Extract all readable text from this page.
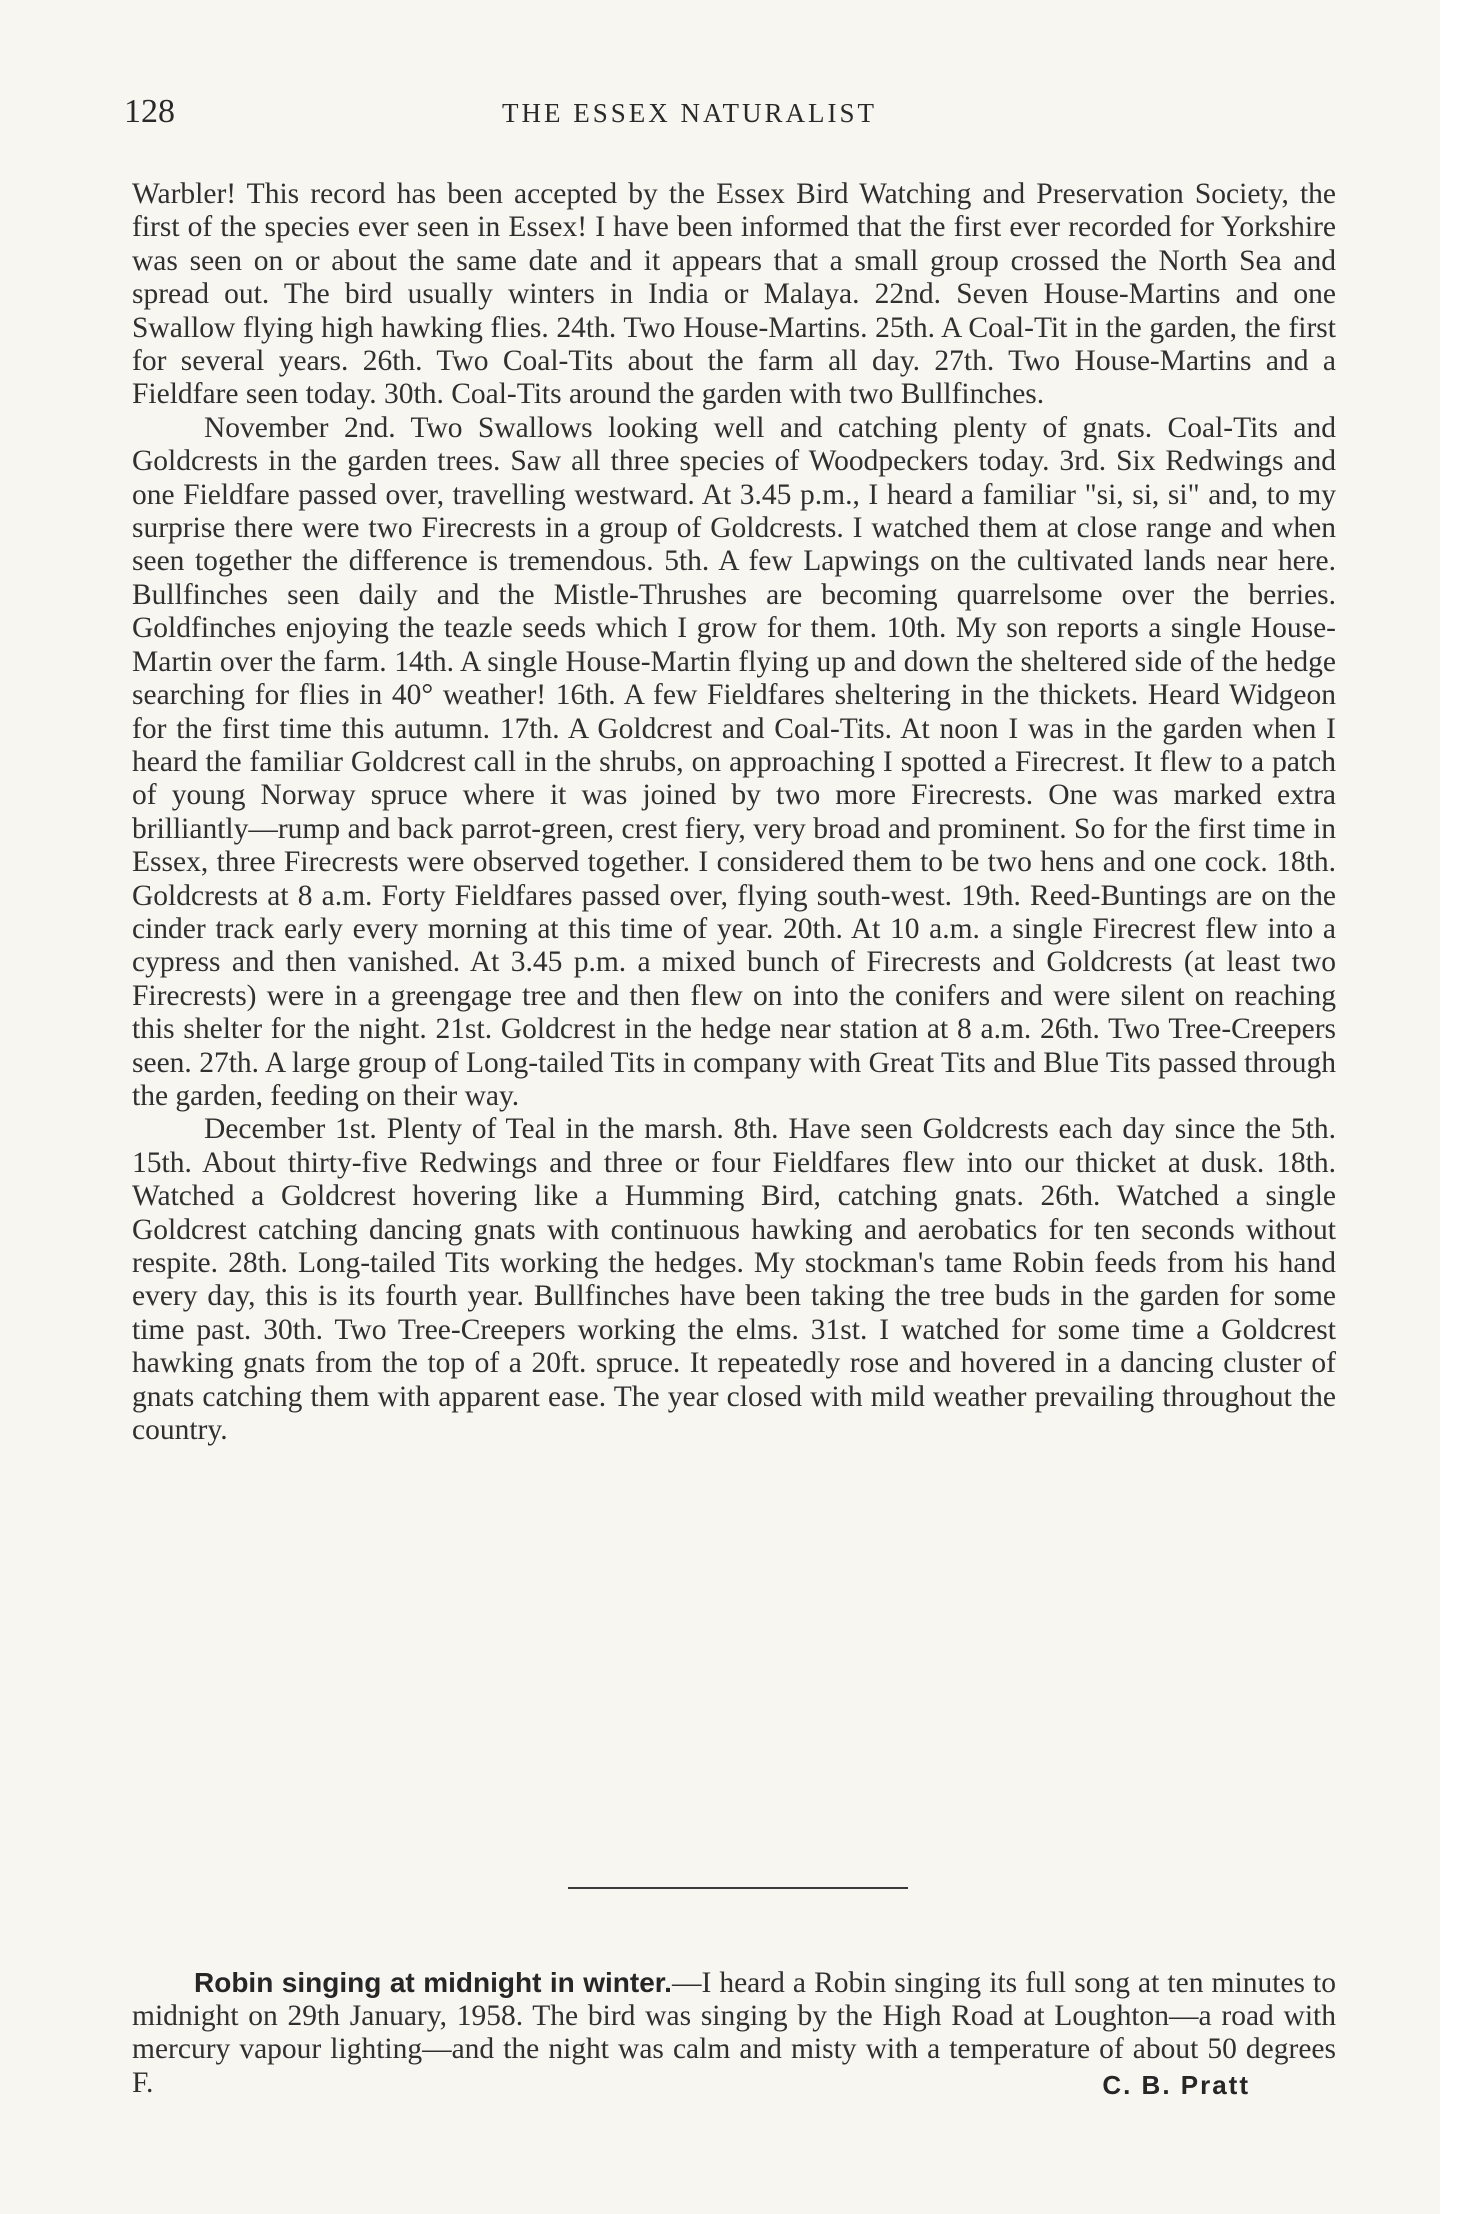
128	THE ESSEX NATURALIST

Warbler! This record has been accepted by the Essex Bird Watching and Preservation Society, the first of the species ever seen in Essex! I have been informed that the first ever recorded for Yorkshire was seen on or about the same date and it appears that a small group crossed the North Sea and spread out. The bird usually winters in India or Malaya. 22nd. Seven House-Martins and one Swallow flying high hawking flies. 24th. Two House-Martins. 25th. A Coal-Tit in the garden, the first for several years. 26th. Two Coal-Tits about the farm all day. 27th. Two House-Martins and a Fieldfare seen today. 30th. Coal-Tits around the garden with two Bullfinches.

November 2nd. Two Swallows looking well and catching plenty of gnats. Coal-Tits and Goldcrests in the garden trees. Saw all three species of Woodpeckers today. 3rd. Six Redwings and one Fieldfare passed over, travelling westward. At 3.45 p.m., I heard a familiar "si, si, si" and, to my surprise there were two Firecrests in a group of Goldcrests. I watched them at close range and when seen together the difference is tremendous. 5th. A few Lapwings on the cultivated lands near here. Bullfinches seen daily and the Mistle-Thrushes are becoming quarrelsome over the berries. Goldfinches enjoying the teazle seeds which I grow for them. 10th. My son reports a single House-Martin over the farm. 14th. A single House-Martin flying up and down the sheltered side of the hedge searching for flies in 40° weather! 16th. A few Fieldfares sheltering in the thickets. Heard Widgeon for the first time this autumn. 17th. A Goldcrest and Coal-Tits. At noon I was in the garden when I heard the familiar Goldcrest call in the shrubs, on approaching I spotted a Firecrest. It flew to a patch of young Norway spruce where it was joined by two more Firecrests. One was marked extra brilliantly—rump and back parrot-green, crest fiery, very broad and prominent. So for the first time in Essex, three Firecrests were observed together. I considered them to be two hens and one cock. 18th. Goldcrests at 8 a.m. Forty Fieldfares passed over, flying south-west. 19th. Reed-Buntings are on the cinder track early every morning at this time of year. 20th. At 10 a.m. a single Firecrest flew into a cypress and then vanished. At 3.45 p.m. a mixed bunch of Firecrests and Goldcrests (at least two Firecrests) were in a greengage tree and then flew on into the conifers and were silent on reaching this shelter for the night. 21st. Goldcrest in the hedge near station at 8 a.m. 26th. Two Tree-Creepers seen. 27th. A large group of Long-tailed Tits in company with Great Tits and Blue Tits passed through the garden, feeding on their way.

December 1st. Plenty of Teal in the marsh. 8th. Have seen Goldcrests each day since the 5th. 15th. About thirty-five Redwings and three or four Fieldfares flew into our thicket at dusk. 18th. Watched a Goldcrest hovering like a Humming Bird, catching gnats. 26th. Watched a single Goldcrest catching dancing gnats with continuous hawking and aerobatics for ten seconds without respite. 28th. Long-tailed Tits working the hedges. My stockman's tame Robin feeds from his hand every day, this is its fourth year. Bullfinches have been taking the tree buds in the garden for some time past. 30th. Two Tree-Creepers working the elms. 31st. I watched for some time a Goldcrest hawking gnats from the top of a 20ft. spruce. It repeatedly rose and hovered in a dancing cluster of gnats catching them with apparent ease. The year closed with mild weather prevailing throughout the country.

Robin singing at midnight in winter.—I heard a Robin singing its full song at ten minutes to midnight on 29th January, 1958. The bird was singing by the High Road at Loughton—a road with mercury vapour lighting—and the night was calm and misty with a temperature of about 50 degrees F.	C. B. Pratt
